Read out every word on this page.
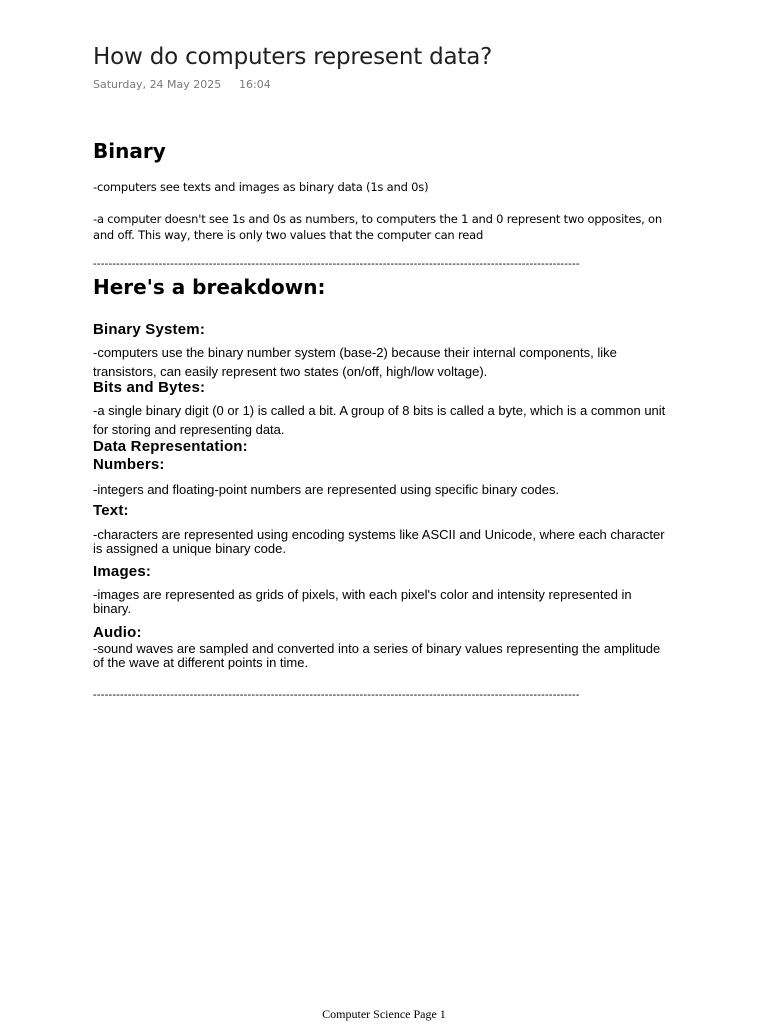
How do computers represent data?
Saturday, 24 May 2025 16:04
Binary
-computers see texts and images as binary data (1s and 0s)
-a computer doesn't see 1s and 0s as numbers, to computers the 1 and 0 represent two opposites, on and off. This way, there is only two values that the computer can read
------------------------------------------------------------------------------------------------------------------------------
Here's a breakdown:
Binary System:
-computers use the binary number system (base-2) because their internal components, like transistors, can easily represent two states (on/off, high/low voltage).
Bits and Bytes:
-a single binary digit (0 or 1) is called a bit. A group of 8 bits is called a byte, which is a common unit for storing and representing data.
Data Representation:
Numbers:
-integers and floating-point numbers are represented using specific binary codes.
Text:
-characters are represented using encoding systems like ASCII and Unicode, where each character is assigned a unique binary code.
Images:
-images are represented as grids of pixels, with each pixel's color and intensity represented in binary.
Audio:
-sound waves are sampled and converted into a series of binary values representing the amplitude of the wave at different points in time.
------------------------------------------------------------------------------------------------------------------------------
Computer Science Page 1
